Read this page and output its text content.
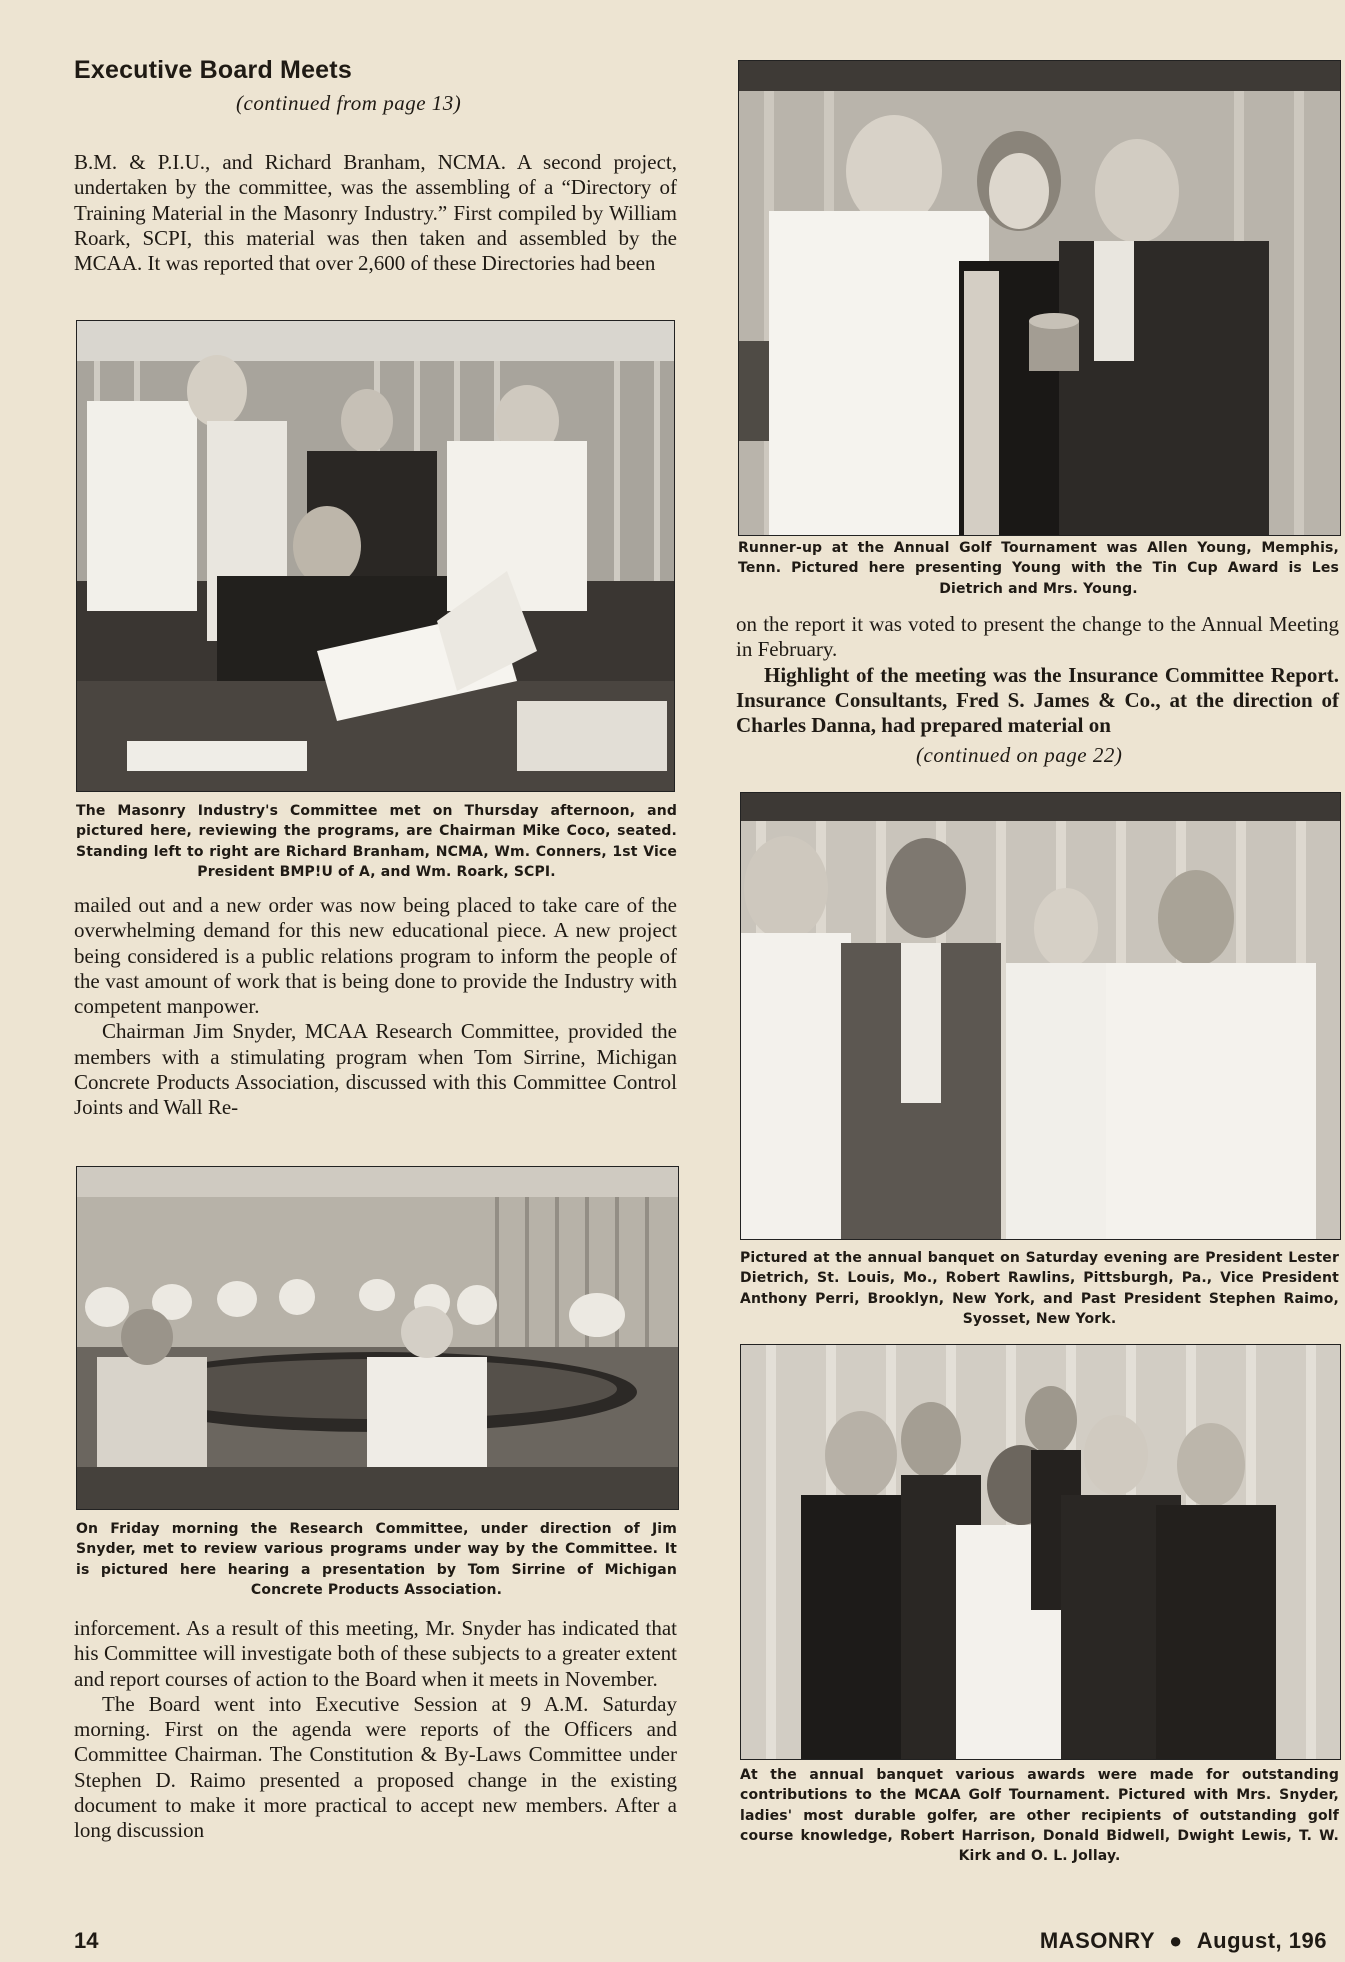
Executive Board Meets
(continued from page 13)

B.M. & P.I.U., and Richard Branham, NCMA. A second project, undertaken by the committee, was the assembling of a “Directory of Training Material in the Masonry Industry.” First compiled by William Roark, SCPI, this material was then taken and assembled by the MCAA. It was reported that over 2,600 of these Directories had been

The Masonry Industry's Committee met on Thursday afternoon, and pictured here, reviewing the programs, are Chairman Mike Coco, seated. Standing left to right are Richard Branham, NCMA, Wm. Conners, 1st Vice President BMP!U of A, and Wm. Roark, SCPI.

mailed out and a new order was now being placed to take care of the overwhelming demand for this new educational piece. A new project being considered is a public relations program to inform the people of the vast amount of work that is being done to provide the Industry with competent manpower.

Chairman Jim Snyder, MCAA Research Committee, provided the members with a stimulating program when Tom Sirrine, Michigan Concrete Products Association, discussed with this Committee Control Joints and Wall Re-

On Friday morning the Research Committee, under direction of Jim Snyder, met to review various programs under way by the Committee. It is pictured here hearing a presentation by Tom Sirrine of Michigan Concrete Products Association.

inforcement. As a result of this meeting, Mr. Snyder has indicated that his Committee will investigate both of these subjects to a greater extent and report courses of action to the Board when it meets in November.

The Board went into Executive Session at 9 A.M. Saturday morning. First on the agenda were reports of the Officers and Committee Chairman. The Constitution & By-Laws Committee under Stephen D. Raimo presented a proposed change in the existing document to make it more practical to accept new members. After a long discussion

Runner-up at the Annual Golf Tournament was Allen Young, Memphis, Tenn. Pictured here presenting Young with the Tin Cup Award is Les Dietrich and Mrs. Young.

on the report it was voted to present the change to the Annual Meeting in February.

Highlight of the meeting was the Insurance Committee Report. Insurance Consultants, Fred S. James & Co., at the direction of Charles Danna, had prepared material on

(continued on page 22)
Pictured at the annual banquet on Saturday evening are President Lester Dietrich, St. Louis, Mo., Robert Rawlins, Pittsburgh, Pa., Vice President Anthony Perri, Brooklyn, New York, and Past President Stephen Raimo, Syosset, New York.
At the annual banquet various awards were made for outstanding contributions to the MCAA Golf Tournament. Pictured with Mrs. Snyder, ladies' most durable golfer, are other recipients of outstanding golf course knowledge, Robert Harrison, Donald Bidwell, Dwight Lewis, T. W. Kirk and O. L. Jollay.
14	MASONRY ● August, 196
